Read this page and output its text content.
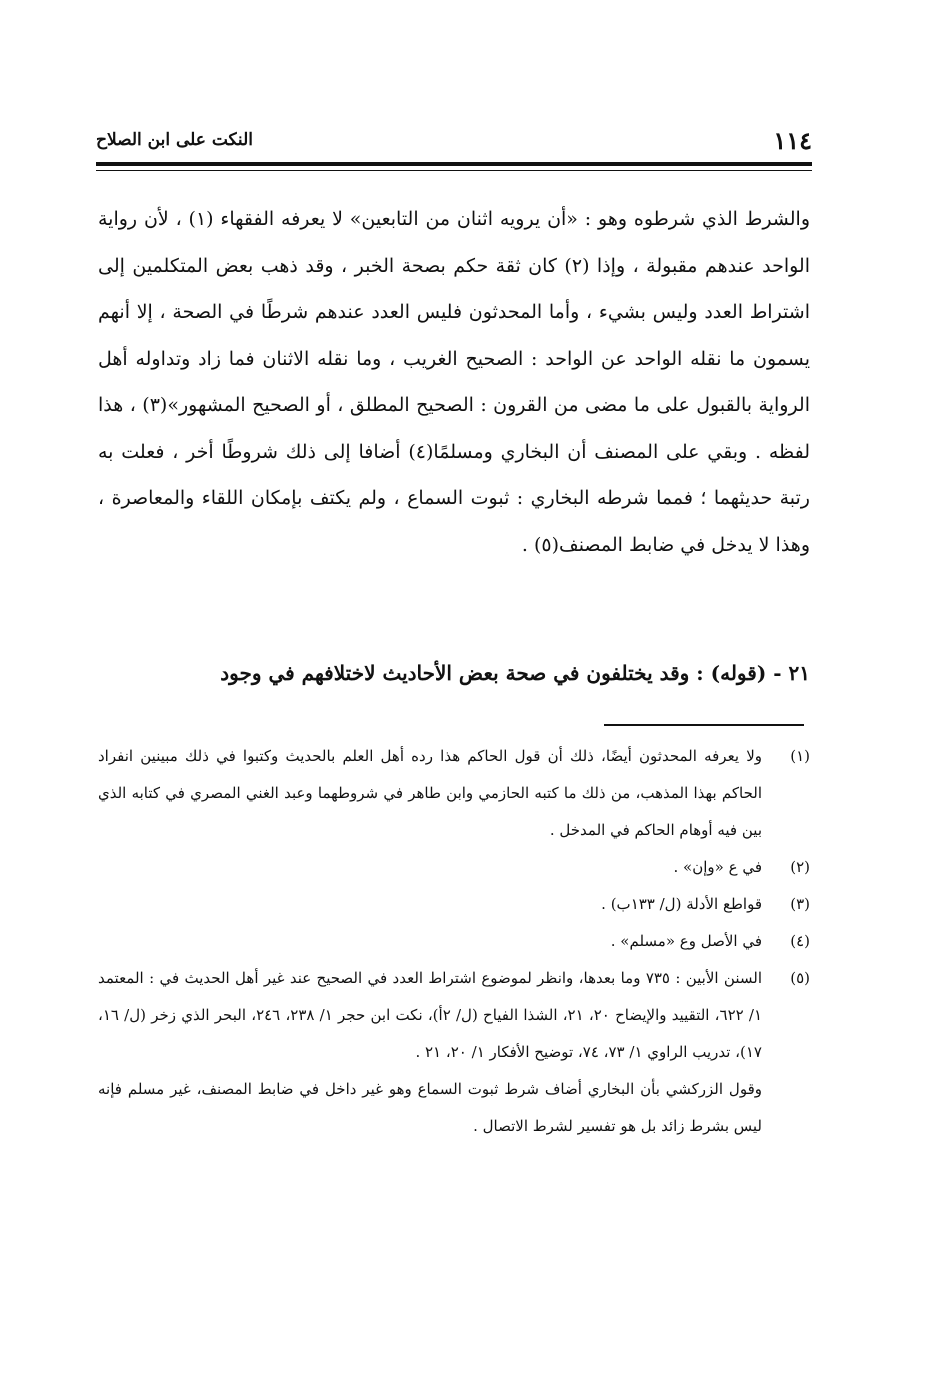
١١٤
النكت على ابن الصلاح

والشرط الذي شرطوه وهو : «أن يرويه اثنان من التابعين» لا يعرفه الفقهاء (١) ، لأن رواية الواحد عندهم مقبولة ، وإذا (٢) كان ثقة حكم بصحة الخبر ، وقد ذهب بعض المتكلمين إلى اشتراط العدد وليس بشيء ، وأما المحدثون فليس العدد عندهم شرطًا في الصحة ، إلا أنهم يسمون ما نقله الواحد عن الواحد : الصحيح الغريب ، وما نقله الاثنان فما زاد وتداوله أهل الرواية بالقبول على ما مضى من القرون : الصحيح المطلق ، أو الصحيح المشهور»(٣) ، هذا لفظه . وبقي على المصنف أن البخاري ومسلمًا(٤) أضافا إلى ذلك شروطًا أخر ، فعلت به رتبة حديثهما ؛ فمما شرطه البخاري : ثبوت السماع ، ولم يكتف بإمكان اللقاء والمعاصرة ، وهذا لا يدخل في ضابط المصنف(٥) .

٢١ - (قوله) : وقد يختلفون في صحة بعض الأحاديث لاختلافهم في وجود
(١)
ولا يعرفه المحدثون أيضًا، ذلك أن قول الحاكم هذا رده أهل العلم بالحديث وكتبوا في ذلك مبينين انفراد الحاكم بهذا المذهب، من ذلك ما كتبه الحازمي وابن طاهر في شروطهما وعبد الغني المصري في كتابه الذي بين فيه أوهام الحاكم في المدخل .
(٢)
في ع «وإن» .
(٣)
قواطع الأدلة (ل/ ١٣٣ب) .
(٤)
في الأصل وع «مسلم» .
(٥)
السنن الأبين : ٧٣٥ وما بعدها، وانظر لموضوع اشتراط العدد في الصحيح عند غير أهل الحديث في : المعتمد ١/ ٦٢٢، التقييد والإيضاح ٢٠، ٢١، الشذا الفياح (ل/ ٢أ)، نكت ابن حجر ١/ ٢٣٨، ٢٤٦، البحر الذي زخر (ل/ ١٦، ١٧)، تدريب الراوي ١/ ٧٣، ٧٤، توضيح الأفكار ١/ ٢٠، ٢١ .

وقول الزركشي بأن البخاري أضاف شرط ثبوت السماع وهو غير داخل في ضابط المصنف، غير مسلم فإنه ليس بشرط زائد بل هو تفسير لشرط الاتصال .
